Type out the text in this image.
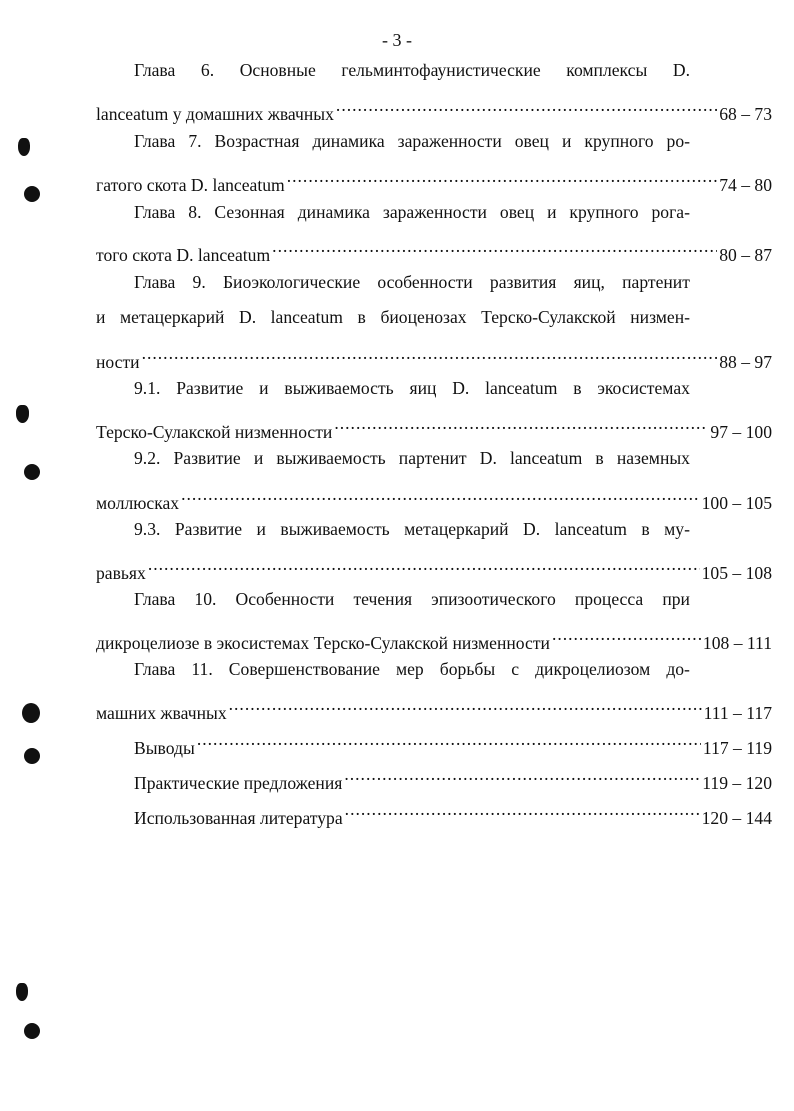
- 3 -
Глава 6. Основные гельминтофаунистические комплексы D.
lanceatum у домашних жвачных .....	68 – 73
Глава 7. Возрастная динамика зараженности овец и крупного ро-
гатого скота D. lanceatum .....	74 – 80
Глава 8. Сезонная динамика зараженности овец и крупного рога-
того скота D. lanceatum .....	80 – 87
Глава 9. Биоэкологические особенности развития яиц, партенит
и метацеркарий D. lanceatum в биоценозах Терско-Сулакской низмен-
ности .....	88 – 97
9.1. Развитие и выживаемость яиц D. lanceatum в экосистемах
Терско-Сулакской низменности .....	97 – 100
9.2. Развитие и выживаемость партенит D. lanceatum в наземных
моллюсках .....	100 – 105
9.3. Развитие и выживаемость метацеркарий D. lanceatum в му-
равьях .....	105 – 108
Глава 10. Особенности течения эпизоотического процесса при
дикроцелиозе в экосистемах Терско-Сулакской низменности .....	108 – 111
Глава 11. Совершенствование мер борьбы с дикроцелиозом до-
машних жвачных .....	111 – 117
Выводы .....	117 – 119
Практические предложения .....	119 – 120
Использованная литература .....	120 – 144
